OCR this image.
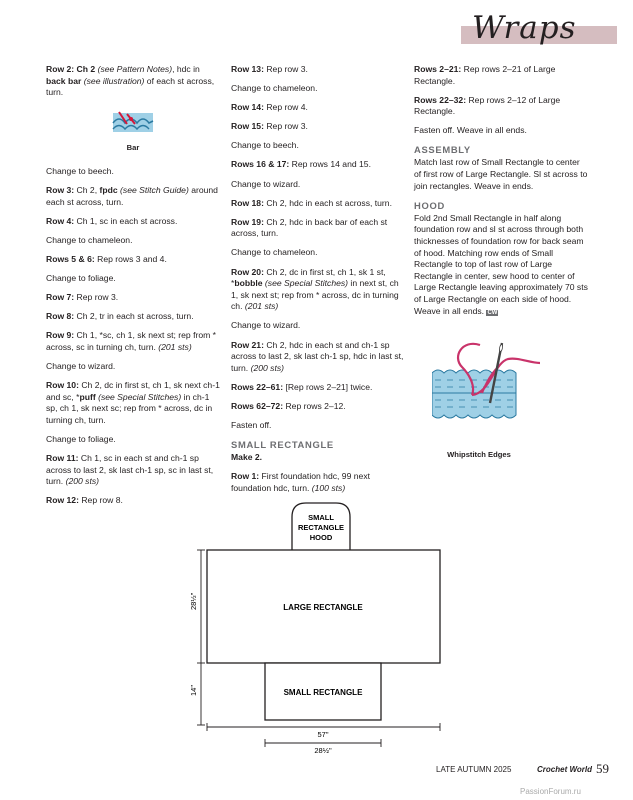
Wraps

Row 2: Ch 2 (see Pattern Notes), hdc in back bar (see illustration) of each st across, turn.

Bar

Change to beech.

Row 3: Ch 2, fpdc (see Stitch Guide) around each st across, turn.

Row 4: Ch 1, sc in each st across.

Change to chameleon.

Rows 5 & 6: Rep rows 3 and 4.

Change to foliage.

Row 7: Rep row 3.

Row 8: Ch 2, tr in each st across, turn.

Row 9: Ch 1, *sc, ch 1, sk next st; rep from * across, sc in turning ch, turn. (201 sts)

Change to wizard.

Row 10: Ch 2, dc in first st, ch 1, sk next ch-1 and sc, *puff (see Special Stitches) in ch-1 sp, ch 1, sk next sc; rep from * across, dc in turning ch, turn.

Change to foliage.

Row 11: Ch 1, sc in each st and ch-1 sp across to last 2, sk last ch-1 sp, sc in last st, turn. (200 sts)

Row 12: Rep row 8.

Row 13: Rep row 3.

Change to chameleon.

Row 14: Rep row 4.

Row 15: Rep row 3.

Change to beech.

Rows 16 & 17: Rep rows 14 and 15.

Change to wizard.

Row 18: Ch 2, hdc in each st across, turn.

Row 19: Ch 2, hdc in back bar of each st across, turn.

Change to chameleon.

Row 20: Ch 2, dc in first st, ch 1, sk 1 st, *bobble (see Special Stitches) in next st, ch 1, sk next st; rep from * across, dc in turning ch. (201 sts)

Change to wizard.

Row 21: Ch 2, hdc in each st and ch-1 sp across to last 2, sk last ch-1 sp, hdc in last st, turn. (200 sts)

Rows 22–61: [Rep rows 2–21] twice.

Rows 62–72: Rep rows 2–12.

Fasten off.

SMALL RECTANGLE

Make 2.

Row 1: First foundation hdc, 99 next foundation hdc, turn. (100 sts)

Rows 2–21: Rep rows 2–21 of Large Rectangle.

Rows 22–32: Rep rows 2–12 of Large Rectangle.

Fasten off. Weave in all ends.

ASSEMBLY

Match last row of Small Rectangle to center of first row of Large Rectangle. Sl st across to join rectangles. Weave in ends.

HOOD

Fold 2nd Small Rectangle in half along foundation row and sl st across through both thicknesses of foundation row for back seam of hood. Matching row ends of Small Rectangle to top of last row of Large Rectangle in center, sew hood to center of Large Rectangle leaving approximately 70 sts of Large Rectangle on each side of hood. Weave in all ends. CW

Whipstitch Edges
SMALL
RECTANGLE
HOOD
LARGE RECTANGLE
SMALL RECTANGLE
28½"
14"
57"
28½"
LATE AUTUMN 2025	Crochet World 59
PassionForum.ru
